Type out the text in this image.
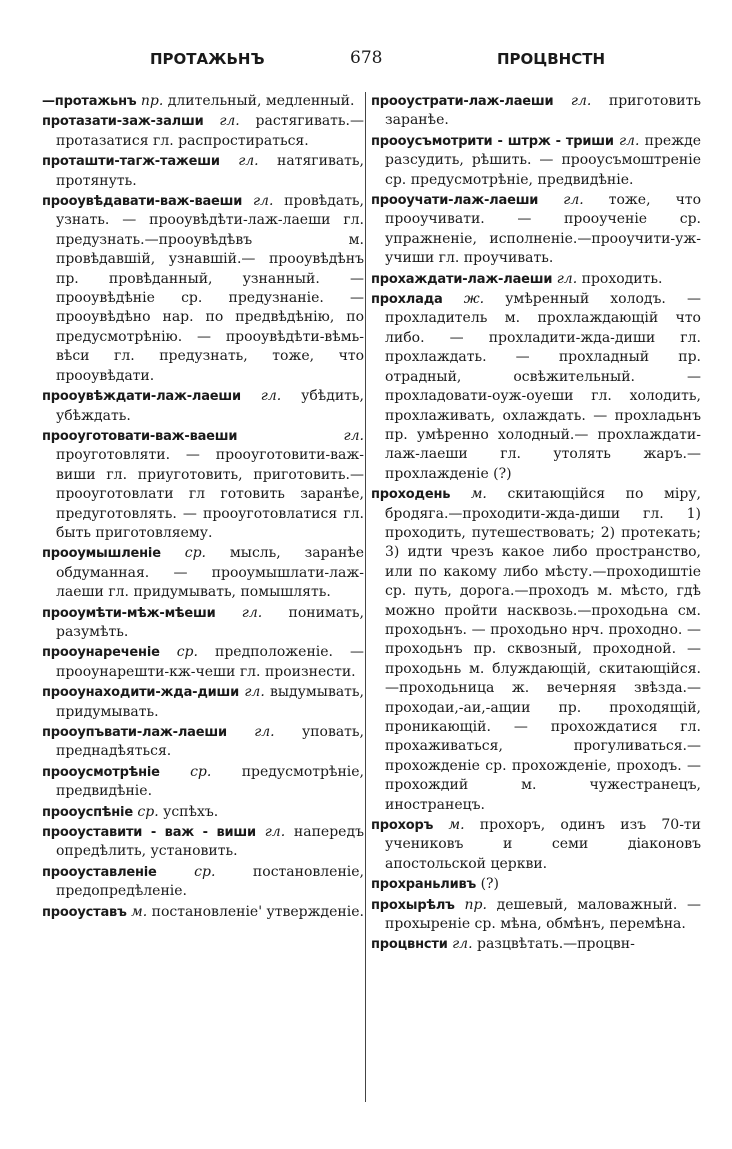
ПРОТАЖЬНЪ	678	ПРОЦВНСТН

—протажьнъ пр. длительный, медленный.

протазати-заж-залши гл. растягивать.—протазатися гл. распростираться.

проташти-тагж-тажеши гл. натягивать, протянуть.

проoувѣдавати-важ-ваеши гл. провѣдать, узнать. — проoувѣдѣти-лаж-лаеши гл. предузнать.—проoувѣдѣвъ м. провѣдавшій, узнавшій.— проoувѣдѣнъ пр. провѣданный, узнанный. — проoувѣдѣніе ср. предузнаніе. — проoувѣдѣно нар. по предвѣдѣнію, по предусмотрѣнію. — проoувѣдѣти-вѣмь-вѣси гл. предузнать, тоже, что проoувѣдати.

проoувѣждати-лаж-лаеши гл. убѣдить, убѣждать.

проoуготовати-важ-ваеши	гл. проуготовляти. — проoуготовити-важ-виши гл. приуготовить, приготовить.—проoуготовлати гл готовить заранѣе, предуготовлять. — проoуготовлатися гл. быть приготовляему.

проoумышленіе ср. мысль, заранѣе обдуманная. — проoумышлати-лаж-лаеши гл. придумывать, помышлять.

проoумѣти-мѣж-мѣеши гл. понимать, разумѣть.

проoунареченіе ср. предположеніе. —проoунарешти-кж-чеши гл. произнести.

проoунаходити-жда-диши гл. выдумывать, придумывать.

проoупъвати-лаж-лаеши гл. уповать, преднадѣяться.

проoусмотрѣніе ср. предусмотрѣніе, предвидѣніе.

проoуспѣніе ср. успѣхъ.

проoуставити - важ - виши гл. напередъ опредѣлить, установить.

проoуставленіе	ср. постановленіе, предопредѣленіе.

проoуставъ м. постановленіе' утвержденіе.

проoустрати-лаж-лаеши гл. приготовить заранѣе.

проoусъмотрити - штрж - триши гл. прежде разсудить, рѣшить. — проoусъмоштреніе ср. предусмотрѣніе, предвидѣніе.

проoучати-лаж-лаеши гл. тоже, что проoучивати. — проoученіе ср. упражненіе, исполненіе.—проoучити-уж-учиши гл. проучивать.

прохаждати-лаж-лаеши гл. проходить.

прохлада ж. умѣренный холодъ. — прохладитель м. прохлаждающій что либо. — прохладити-жда-диши гл. прохлаждать. — прохладный пр. отрадный, освѣжительный. — прохладовати-оуж-оуеши гл. холодить, прохлаживать, охлаждать. — прохладьнъ пр. умѣренно холодный.— прохлаждати-лаж-лаеши гл. утолять жаръ.—прохлажденіе (?)

проходень м. скитающійся по міру, бродяга.—проходити-жда-диши гл. 1) проходить, путешествовать; 2) протекать; 3) идти чрезъ какое либо пространство, или по какому либо мѣсту.—проходиштіе ср. путь, дорога.—проходъ м. мѣсто, гдѣ можно пройти насквозь.—проходьна см. проходьнъ. — проходьно нрч. проходно. — проходьнъ пр. сквозный, проходной. — проходьнь м. блуждающій, скитающійся.—проходьница ж. вечерняя звѣзда.—проходаи,-аи,-ащии пр. проходящій, проникающій. — прохождатися гл. прохаживаться, прогуливаться.—прохожденіе ср. прохожденіе, проходъ. — прохождий м. чужестранецъ, иностранецъ.

прохоръ м. прохоръ, одинъ изъ 70-ти учениковъ и семи діаконовъ апостольской церкви.

прохраньливъ (?)

прохырѣлъ пр. дешевый, маловажный. — прохыреніе ср. мѣна, обмѣнъ, перемѣна.

процвнсти гл. разцвѣтать.—процвн-
